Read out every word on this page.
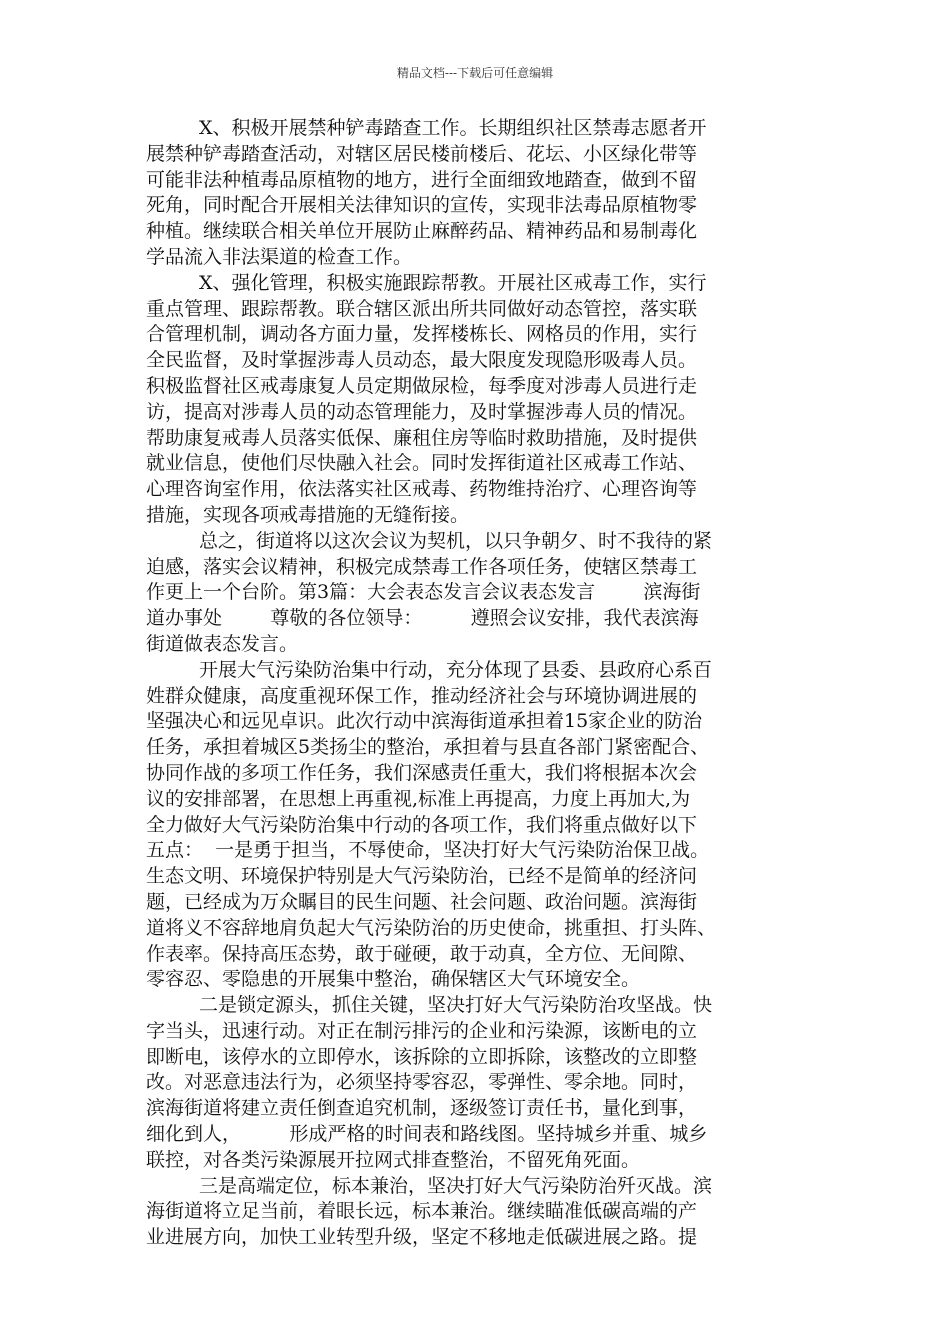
精品文档---下载后可任意编辑
X、积极开展禁种铲毒踏查工作。长期组织社区禁毒志愿者开
展禁种铲毒踏查活动，对辖区居民楼前楼后、花坛、小区绿化带等
可能非法种植毒品原植物的地方，进行全面细致地踏查，做到不留
死角，同时配合开展相关法律知识的宣传，实现非法毒品原植物零
种植。继续联合相关单位开展防止麻醉药品、精神药品和易制毒化
学品流入非法渠道的检查工作。
X、强化管理，积极实施跟踪帮教。开展社区戒毒工作，实行
重点管理、跟踪帮教。联合辖区派出所共同做好动态管控，落实联
合管理机制，调动各方面力量，发挥楼栋长、网格员的作用，实行
全民监督，及时掌握涉毒人员动态，最大限度发现隐形吸毒人员。
积极监督社区戒毒康复人员定期做尿检，每季度对涉毒人员进行走
访，提高对涉毒人员的动态管理能力，及时掌握涉毒人员的情况。
帮助康复戒毒人员落实低保、廉租住房等临时救助措施，及时提供
就业信息，使他们尽快融入社会。同时发挥街道社区戒毒工作站、
心理咨询室作用，依法落实社区戒毒、药物维持治疗、心理咨询等
措施，实现各项戒毒措施的无缝衔接。
总之，街道将以这次会议为契机，以只争朝夕、时不我待的紧
迫感，落实会议精神，积极完成禁毒工作各项任务，使辖区禁毒工
作更上一个台阶。第3篇：大会表态发言会议表态发言        滨海街
道办事处        尊敬的各位领导：        遵照会议安排，我代表滨海
街道做表态发言。
开展大气污染防治集中行动，充分体现了县委、县政府心系百
姓群众健康，高度重视环保工作，推动经济社会与环境协调进展的
坚强决心和远见卓识。此次行动中滨海街道承担着15家企业的防治
任务，承担着城区5类扬尘的整治，承担着与县直各部门紧密配合、
协同作战的多项工作任务，我们深感责任重大，我们将根据本次会
议的安排部署，在思想上再重视,标准上再提高，力度上再加大,为
全力做好大气污染防治集中行动的各项工作，我们将重点做好以下
五点：  一是勇于担当，不辱使命，坚决打好大气污染防治保卫战。
生态文明、环境保护特别是大气污染防治，已经不是简单的经济问
题，已经成为万众瞩目的民生问题、社会问题、政治问题。滨海街
道将义不容辞地肩负起大气污染防治的历史使命，挑重担、打头阵、
作表率。保持高压态势，敢于碰硬，敢于动真，全方位、无间隙、
零容忍、零隐患的开展集中整治，确保辖区大气环境安全。
二是锁定源头，抓住关键，坚决打好大气污染防治攻坚战。快
字当头，迅速行动。对正在制污排污的企业和污染源，该断电的立
即断电，该停水的立即停水，该拆除的立即拆除，该整改的立即整
改。对恶意违法行为，必须坚持零容忍，零弹性、零余地。同时，
滨海街道将建立责任倒查追究机制，逐级签订责任书，量化到事，
细化到人，        形成严格的时间表和路线图。坚持城乡并重、城乡
联控，对各类污染源展开拉网式排查整治，不留死角死面。
三是高端定位，标本兼治，坚决打好大气污染防治歼灭战。滨
海街道将立足当前，着眼长远，标本兼治。继续瞄准低碳高端的产
业进展方向，加快工业转型升级，坚定不移地走低碳进展之路。提
